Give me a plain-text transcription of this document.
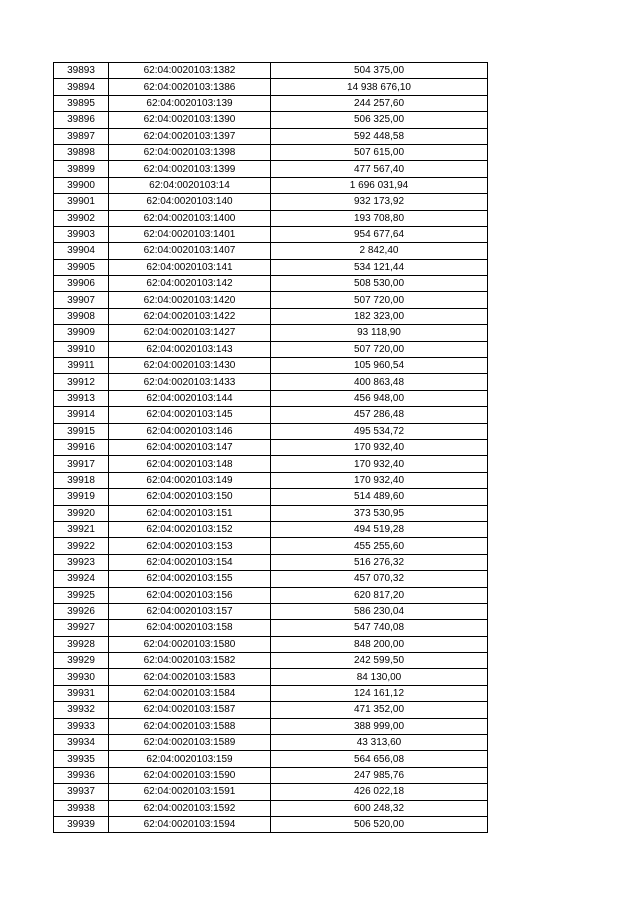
39893	62:04:0020103:1382	504 375,00
39894	62:04:0020103:1386	14 938 676,10
39895	62:04:0020103:139	244 257,60
39896	62:04:0020103:1390	506 325,00
39897	62:04:0020103:1397	592 448,58
39898	62:04:0020103:1398	507 615,00
39899	62:04:0020103:1399	477 567,40
39900	62:04:0020103:14	1 696 031,94
39901	62:04:0020103:140	932 173,92
39902	62:04:0020103:1400	193 708,80
39903	62:04:0020103:1401	954 677,64
39904	62:04:0020103:1407	2 842,40
39905	62:04:0020103:141	534 121,44
39906	62:04:0020103:142	508 530,00
39907	62:04:0020103:1420	507 720,00
39908	62:04:0020103:1422	182 323,00
39909	62:04:0020103:1427	93 118,90
39910	62:04:0020103:143	507 720,00
39911	62:04:0020103:1430	105 960,54
39912	62:04:0020103:1433	400 863,48
39913	62:04:0020103:144	456 948,00
39914	62:04:0020103:145	457 286,48
39915	62:04:0020103:146	495 534,72
39916	62:04:0020103:147	170 932,40
39917	62:04:0020103:148	170 932,40
39918	62:04:0020103:149	170 932,40
39919	62:04:0020103:150	514 489,60
39920	62:04:0020103:151	373 530,95
39921	62:04:0020103:152	494 519,28
39922	62:04:0020103:153	455 255,60
39923	62:04:0020103:154	516 276,32
39924	62:04:0020103:155	457 070,32
39925	62:04:0020103:156	620 817,20
39926	62:04:0020103:157	586 230,04
39927	62:04:0020103:158	547 740,08
39928	62:04:0020103:1580	848 200,00
39929	62:04:0020103:1582	242 599,50
39930	62:04:0020103:1583	84 130,00
39931	62:04:0020103:1584	124 161,12
39932	62:04:0020103:1587	471 352,00
39933	62:04:0020103:1588	388 999,00
39934	62:04:0020103:1589	43 313,60
39935	62:04:0020103:159	564 656,08
39936	62:04:0020103:1590	247 985,76
39937	62:04:0020103:1591	426 022,18
39938	62:04:0020103:1592	600 248,32
39939	62:04:0020103:1594	506 520,00
